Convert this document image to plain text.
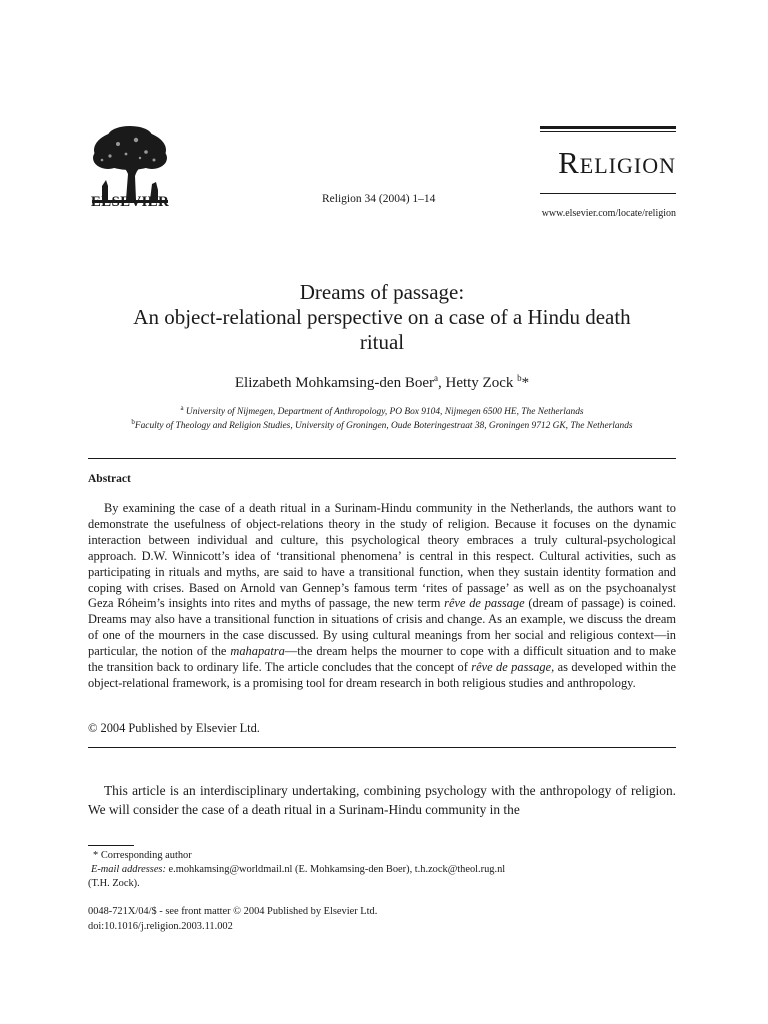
ELSEVIER	Religion 34 (2004) 1–14
RELIGION
www.elsevier.com/locate/religion
Dreams of passage:
An object-relational perspective on a case of a Hindu death
ritual
Elizabeth Mohkamsing-den Boer$^a$, Hetty Zock $^b$*
$^a$ University of Nijmegen, Department of Anthropology, PO Box 9104, Nijmegen 6500 HE, The Netherlands
$^b$Faculty of Theology and Religion Studies, University of Groningen, Oude Boteringestraat 38, Groningen 9712 GK, The Netherlands
Abstract

By examining the case of a death ritual in a Surinam-Hindu community in the Netherlands, the authors want to demonstrate the usefulness of object-relations theory in the study of religion. Because it focuses on the dynamic interaction between individual and culture, this psychological theory embraces a truly cultural-psychological approach. D.W. Winnicott’s idea of ‘transitional phenomena’ is central in this respect. Cultural activities, such as participating in rituals and myths, are said to have a transitional function, when they sustain identity formation and coping with crises. Based on Arnold van Gennep’s famous term ‘rites of passage’ as well as on the psychoanalyst Geza Róheim’s insights into rites and myths of passage, the new term rêve de passage (dream of passage) is coined. Dreams may also have a transitional function in situations of crisis and change. As an example, we discuss the dream of one of the mourners in the case discussed. By using cultural meanings from her social and religious context—in particular, the notion of the mahapatra—the dream helps the mourner to cope with a difficult situation and to make the transition back to ordinary life. The article concludes that the concept of rêve de passage, as developed within the object-relational framework, is a promising tool for dream research in both religious studies and anthropology.

© 2004 Published by Elsevier Ltd.

This article is an interdisciplinary undertaking, combining psychology with the anthropology of religion. We will consider the case of a death ritual in a Surinam-Hindu community in the

* Corresponding author
E-mail addresses: e.mohkamsing@worldmail.nl (E. Mohkamsing-den Boer), t.h.zock@theol.rug.nl
(T.H. Zock).
0048-721X/04/$ - see front matter © 2004 Published by Elsevier Ltd.
doi:10.1016/j.religion.2003.11.002
